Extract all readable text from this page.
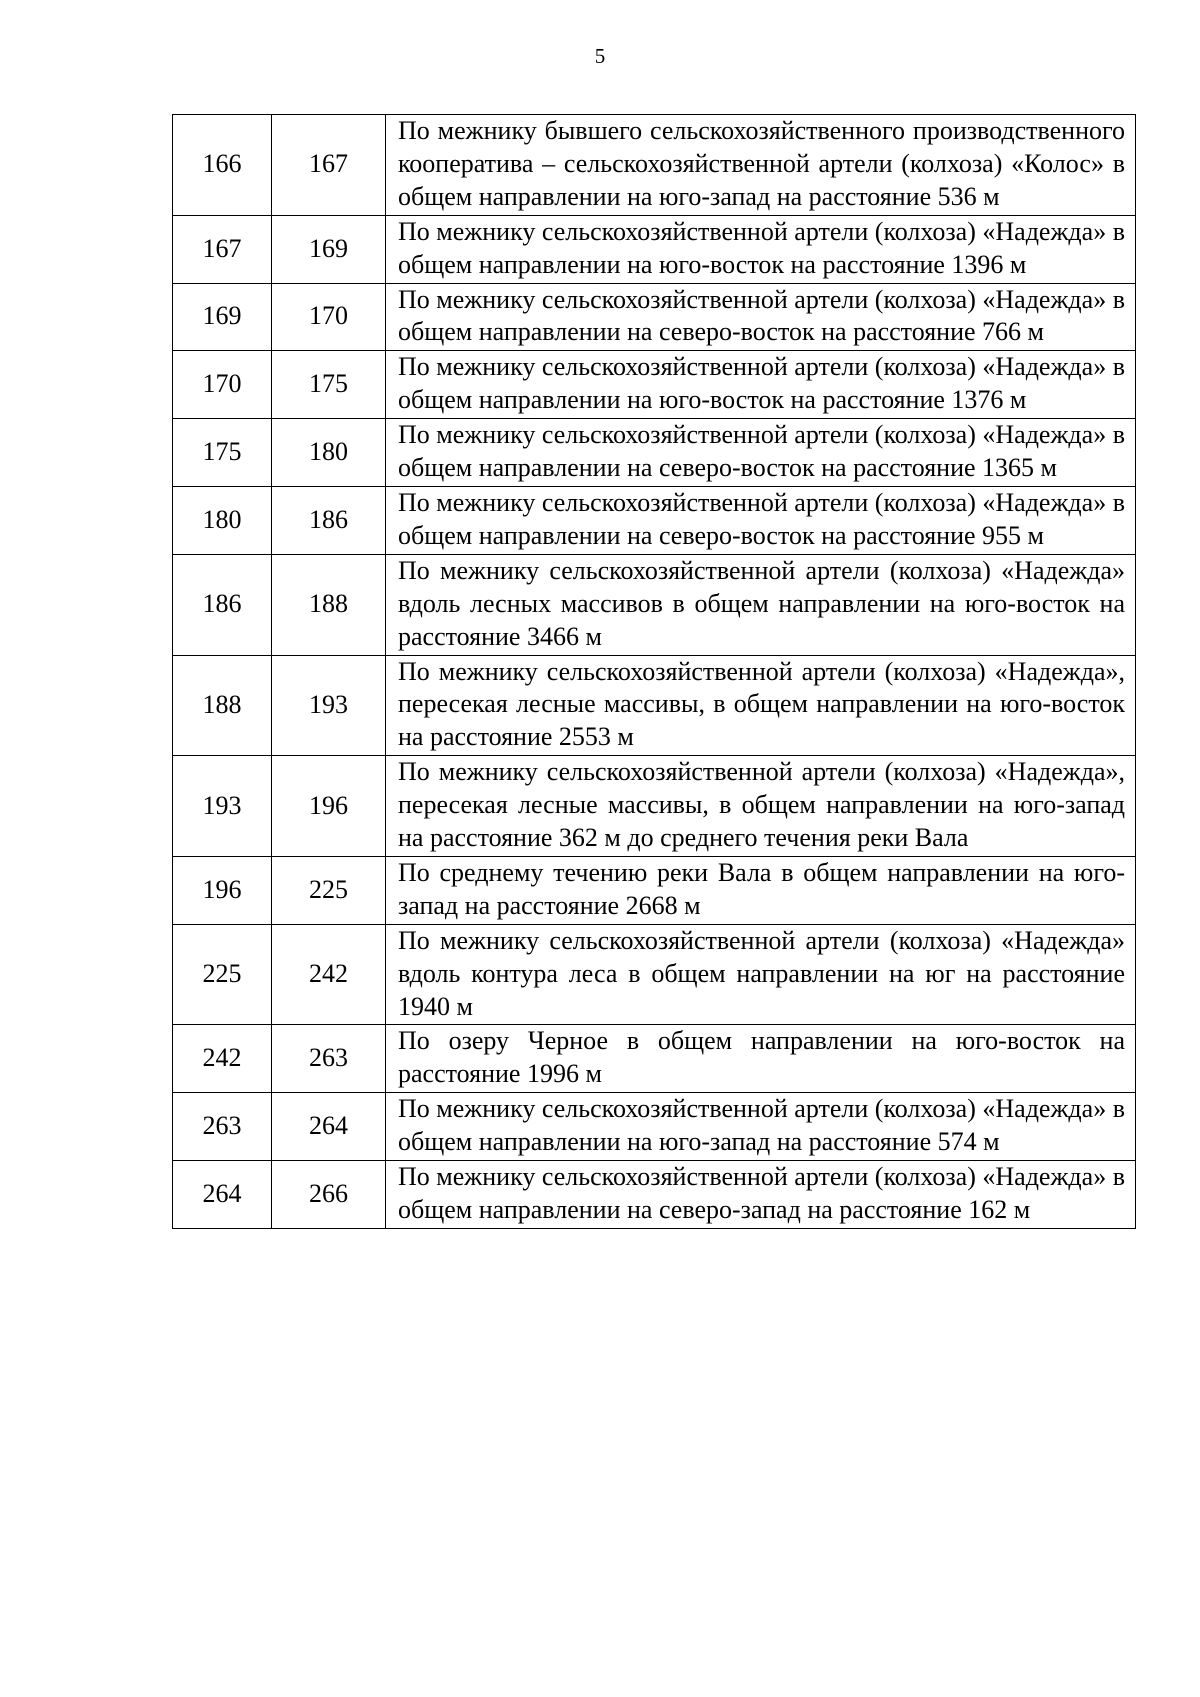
5
166	167	По межнику бывшего сельскохозяйственного производственного кооператива – сельскохозяйственной артели (колхоза) «Колос» в общем направлении на юго-запад на расстояние 536 м
167	169	По межнику сельскохозяйственной артели (колхоза) «Надежда» в общем направлении на юго-восток на расстояние 1396 м
169	170	По межнику сельскохозяйственной артели (колхоза) «Надежда» в общем направлении на северо-восток на расстояние 766 м
170	175	По межнику сельскохозяйственной артели (колхоза) «Надежда» в общем направлении на юго-восток на расстояние 1376 м
175	180	По межнику сельскохозяйственной артели (колхоза) «Надежда» в общем направлении на северо-восток на расстояние 1365 м
180	186	По межнику сельскохозяйственной артели (колхоза) «Надежда» в общем направлении на северо-восток на расстояние 955 м
186	188	По межнику сельскохозяйственной артели (колхоза) «Надежда» вдоль лесных массивов в общем направлении на юго-восток на расстояние 3466 м
188	193	По межнику сельскохозяйственной артели (колхоза) «Надежда», пересекая лесные массивы, в общем направлении на юго-восток на расстояние 2553 м
193	196	По межнику сельскохозяйственной артели (колхоза) «Надежда», пересекая лесные массивы, в общем направлении на юго-запад на расстояние 362 м до среднего течения реки Вала
196	225	По среднему течению реки Вала в общем направлении на юго-запад на расстояние 2668 м
225	242	По межнику сельскохозяйственной артели (колхоза) «Надежда» вдоль контура леса в общем направлении на юг на расстояние 1940 м
242	263	По озеру Черное в общем направлении на юго-восток на расстояние 1996 м
263	264	По межнику сельскохозяйственной артели (колхоза) «Надежда» в общем направлении на юго-запад на расстояние 574 м
264	266	По межнику сельскохозяйственной артели (колхоза) «Надежда» в общем направлении на северо-запад на расстояние 162 м
